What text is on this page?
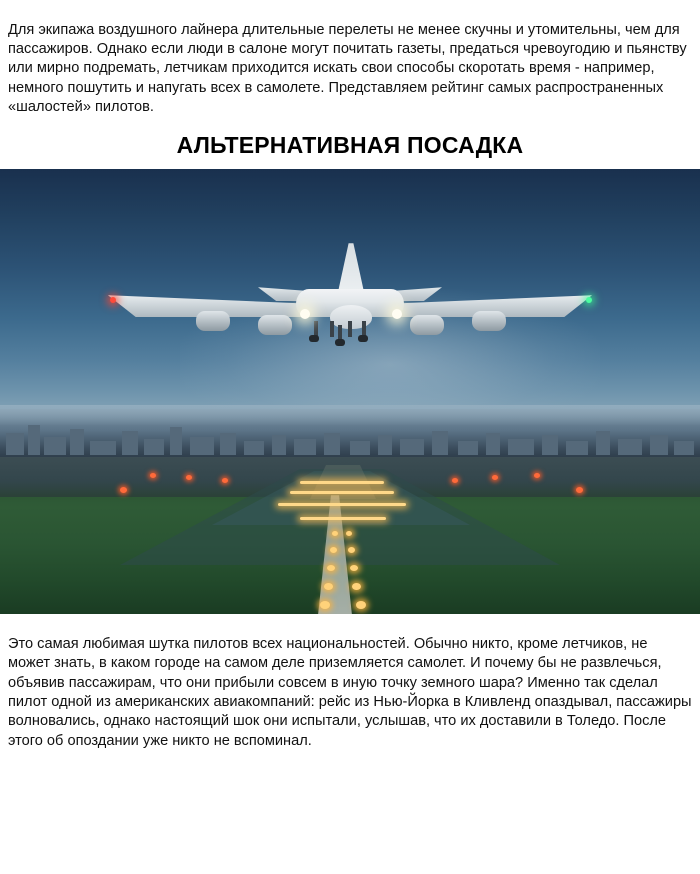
Для экипажа воздушного лайнера длительные перелеты не менее скучны и утомительны, чем для пассажиров. Однако если люди в салоне могут почитать газеты, предаться чревоугодию и пьянству или мирно подремать, летчикам приходится искать свои способы скоротать время - например, немного пошутить и напугать всех в самолете. Представляем рейтинг самых распространенных «шалостей» пилотов.

АЛЬТЕРНАТИВНАЯ ПОСАДКА

Это самая любимая шутка пилотов всех национальностей. Обычно никто, кроме летчиков, не может знать, в каком городе на самом деле приземляется самолет. И почему бы не развлечься, объявив пассажирам, что они прибыли совсем в иную точку земного шара? Именно так сделал пилот одной из американских авиакомпаний: рейс из Нью-Йорка в Кливленд опаздывал, пассажиры волновались, однако настоящий шок они испытали, услышав, что их доставили в Толедо. После этого об опоздании уже никто не вспоминал.
